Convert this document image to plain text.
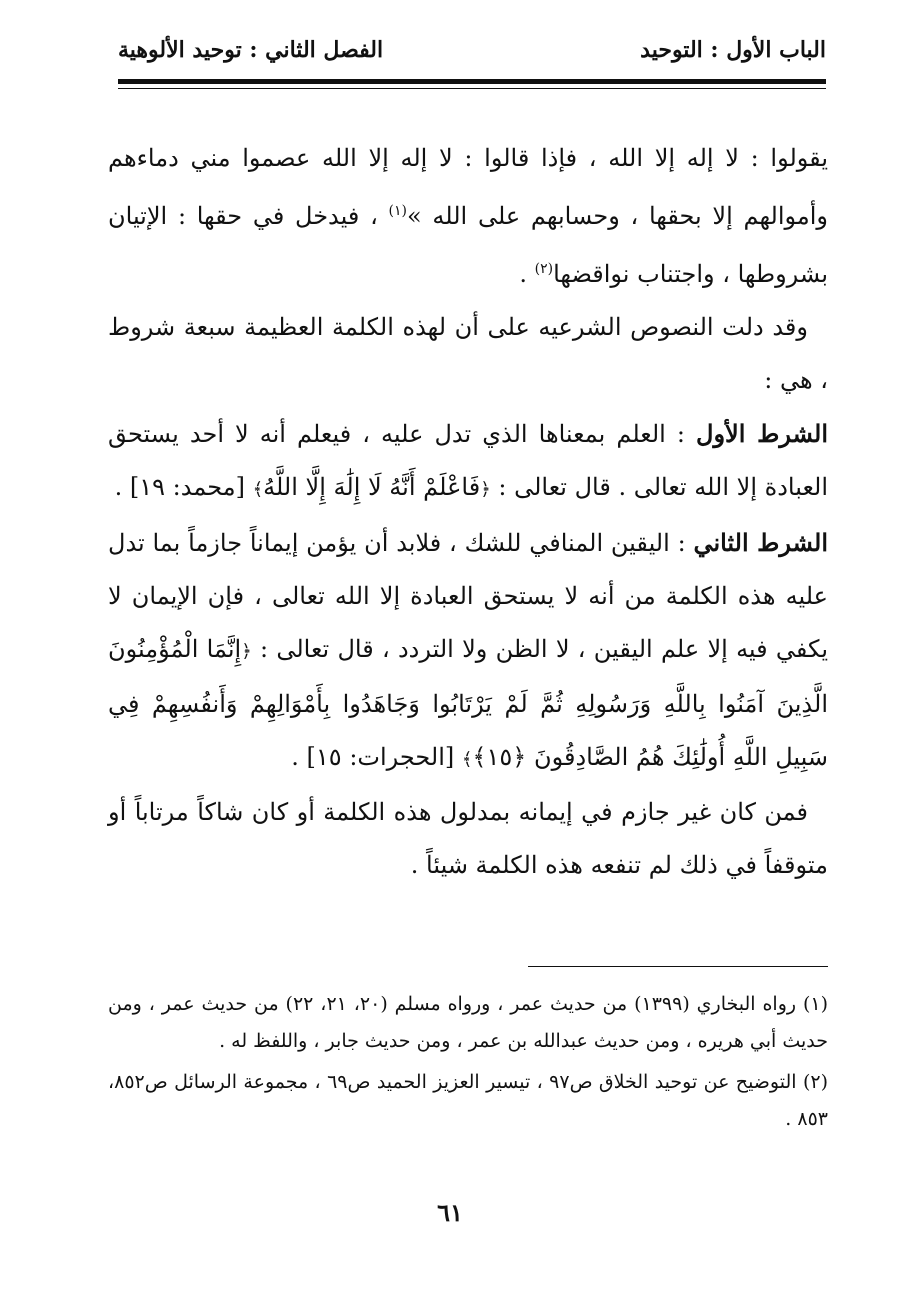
الباب الأول : التوحيد
الفصل الثاني : توحيد الألوهية

يقولوا : لا إله إلا الله ، فإذا قالوا : لا إله إلا الله عصموا مني دماءهم وأموالهم إلا بحقها ، وحسابهم على الله »$^{(١)}$ ، فيدخل في حقها : الإتيان بشروطها ، واجتناب نواقضها$^{(٢)}$ .

وقد دلت النصوص الشرعيه على أن لهذه الكلمة العظيمة سبعة شروط ، هي :

الشرط الأول : العلم بمعناها الذي تدل عليه ، فيعلم أنه لا أحد يستحق العبادة إلا الله تعالى . قال تعالى : ﴿فَاعْلَمْ أَنَّهُ لَا إِلَٰهَ إِلَّا اللَّهُ﴾ [محمد: ١٩] .

الشرط الثاني : اليقين المنافي للشك ، فلابد أن يؤمن إيماناً جازماً بما تدل عليه هذه الكلمة من أنه لا يستحق العبادة إلا الله تعالى ، فإن الإيمان لا يكفي فيه إلا علم اليقين ، لا الظن ولا التردد ، قال تعالى : ﴿إِنَّمَا الْمُؤْمِنُونَ الَّذِينَ آمَنُوا بِاللَّهِ وَرَسُولِهِ ثُمَّ لَمْ يَرْتَابُوا وَجَاهَدُوا بِأَمْوَالِهِمْ وَأَنفُسِهِمْ فِي سَبِيلِ اللَّهِ أُولَٰئِكَ هُمُ الصَّادِقُونَ ﴿١٥﴾﴾ [الحجرات: ١٥] .

فمن كان غير جازم في إيمانه بمدلول هذه الكلمة أو كان شاكاً مرتاباً أو متوقفاً في ذلك لم تنفعه هذه الكلمة شيئاً .

(١) رواه البخاري (١٣٩٩) من حديث عمر ، ورواه مسلم (٢٠، ٢١، ٢٢) من حديث عمر ، ومن حديث أبي هريره ، ومن حديث عبدالله بن عمر ، ومن حديث جابر ، واللفظ له .

(٢) التوضيح عن توحيد الخلاق ص٩٧ ، تيسير العزيز الحميد ص٦٩ ، مجموعة الرسائل ص٨٥٢، ٨٥٣ .

٦١
